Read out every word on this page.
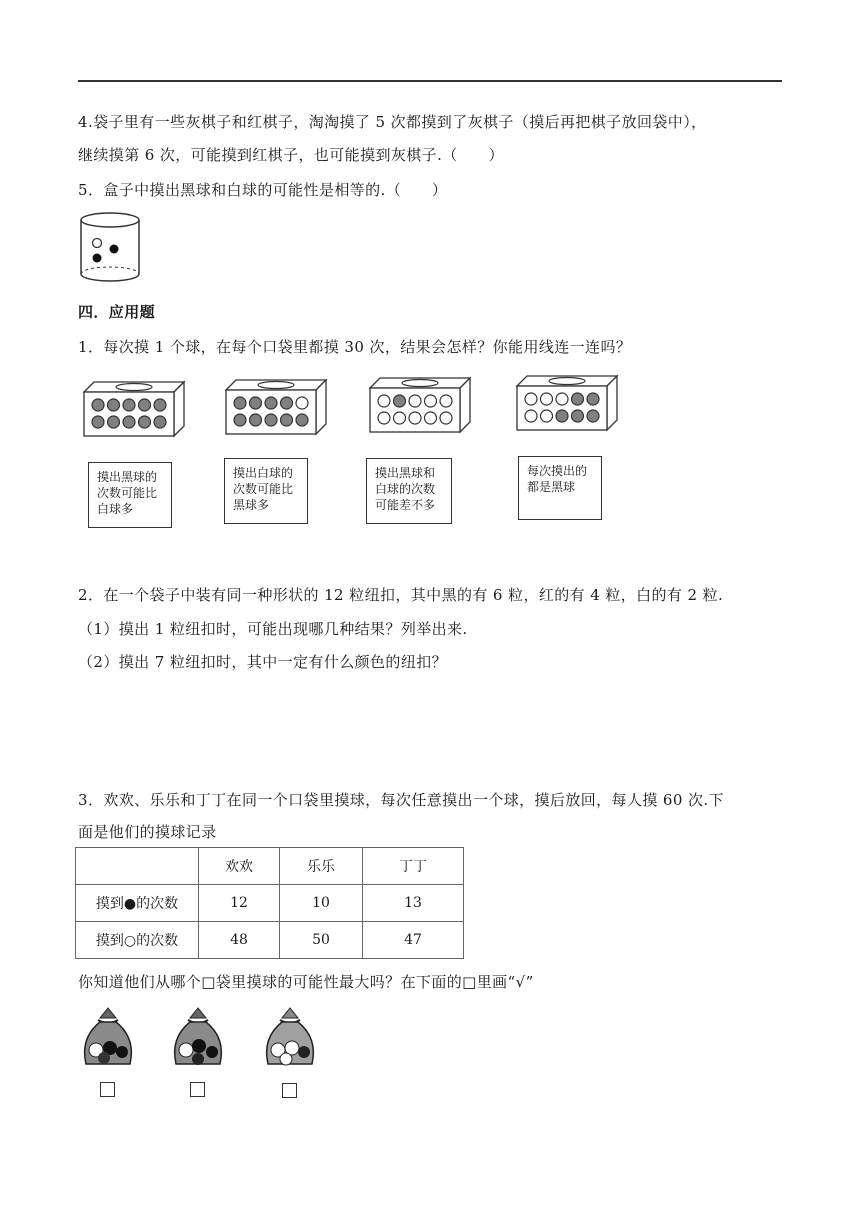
4.袋子里有一些灰棋子和红棋子，淘淘摸了 5 次都摸到了灰棋子（摸后再把棋子放回袋中），
继续摸第 6 次，可能摸到红棋子，也可能摸到灰棋子.（　　）
5．盒子中摸出黑球和白球的可能性是相等的.（　　）
四．应用题
1．每次摸 1 个球，在每个口袋里都摸 30 次，结果会怎样？你能用线连一连吗？
摸出黑球的
次数可能比
白球多
摸出白球的
次数可能比
黑球多
摸出黑球和
白球的次数
可能差不多
每次摸出的
都是黑球
2．在一个袋子中装有同一种形状的 12 粒纽扣，其中黑的有 6 粒，红的有 4 粒，白的有 2 粒.
（1）摸出 1 粒纽扣时，可能出现哪几种结果？列举出来.
（2）摸出 7 粒纽扣时，其中一定有什么颜色的纽扣？
3．欢欢、乐乐和丁丁在同一个口袋里摸球，每次任意摸出一个球，摸后放回，每人摸 60 次.下
面是他们的摸球记录
	欢欢	乐乐	丁丁
摸到●的次数	12	10	13
摸到○的次数	48	50	47
你知道他们从哪个□袋里摸球的可能性最大吗？在下面的□里画“√”
